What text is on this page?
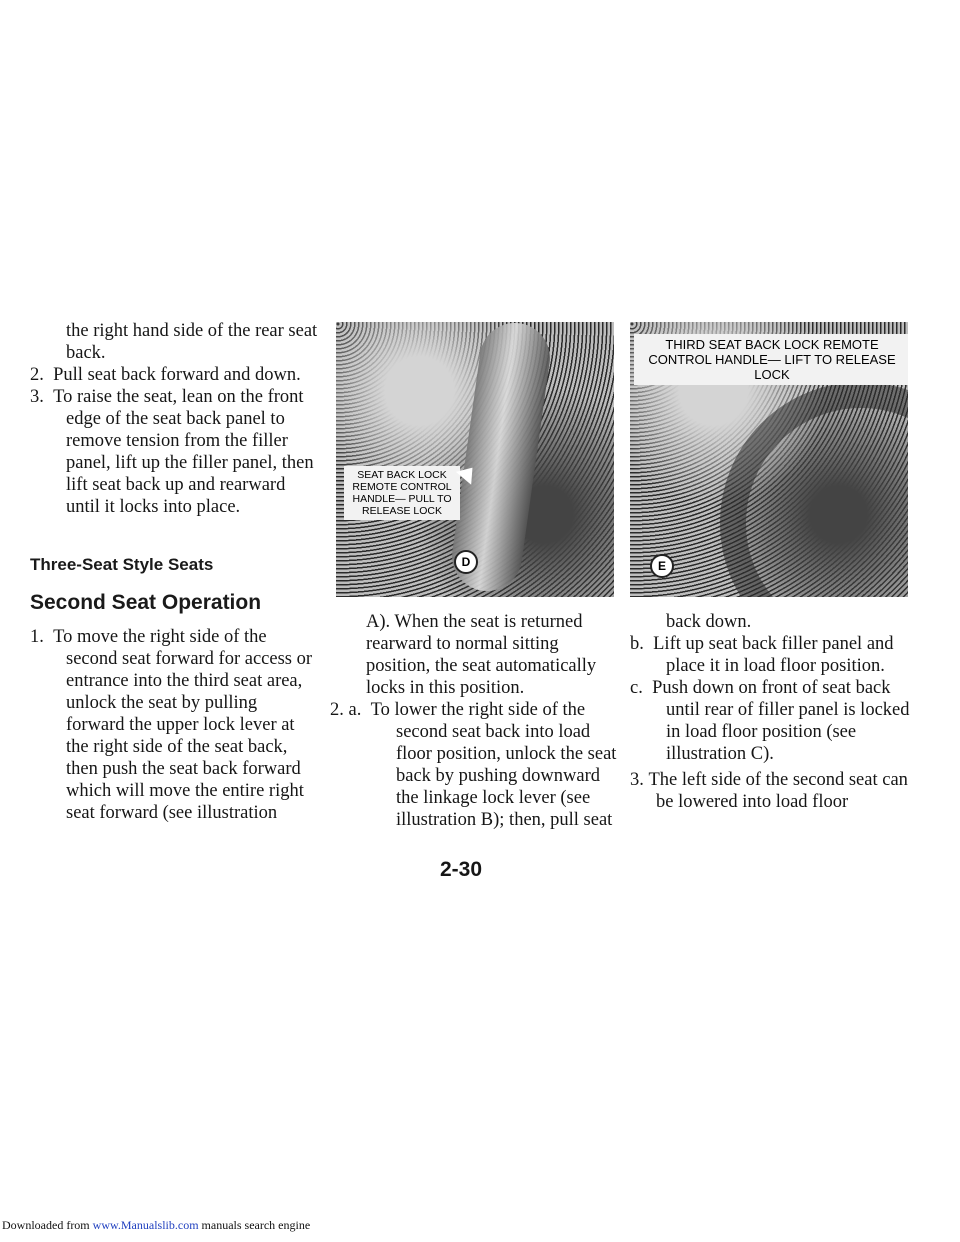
the right hand side of the rear seat back.

2. Pull seat back forward and down.

3. To raise the seat, lean on the front edge of the seat back panel to remove tension from the filler panel, lift up the filler panel, then lift seat back up and rearward until it locks into place.

Three-Seat Style Seats
Second Seat Operation

1. To move the right side of the second seat forward for access or entrance into the third seat area, unlock the seat by pulling forward the upper lock lever at the right side of the seat back, then push the seat back forward which will move the entire right seat forward (see illustration

SEAT BACK LOCK REMOTE CONTROL HANDLE— PULL TO RELEASE LOCK
D

A). When the seat is returned rearward to normal sitting position, the seat automatically locks in this position.

2. a. To lower the right side of the second seat back into load floor position, unlock the seat back by pushing downward the linkage lock lever (see illustration B); then, pull seat

THIRD SEAT BACK LOCK REMOTE CONTROL HANDLE— LIFT TO RELEASE LOCK
E

back down.

b. Lift up seat back filler panel and place it in load floor position.

c. Push down on front of seat back until rear of filler panel is locked in load floor position (see illustration C).

3. The left side of the second seat can be lowered into load floor

2-30
Downloaded from www.Manualslib.com manuals search engine
